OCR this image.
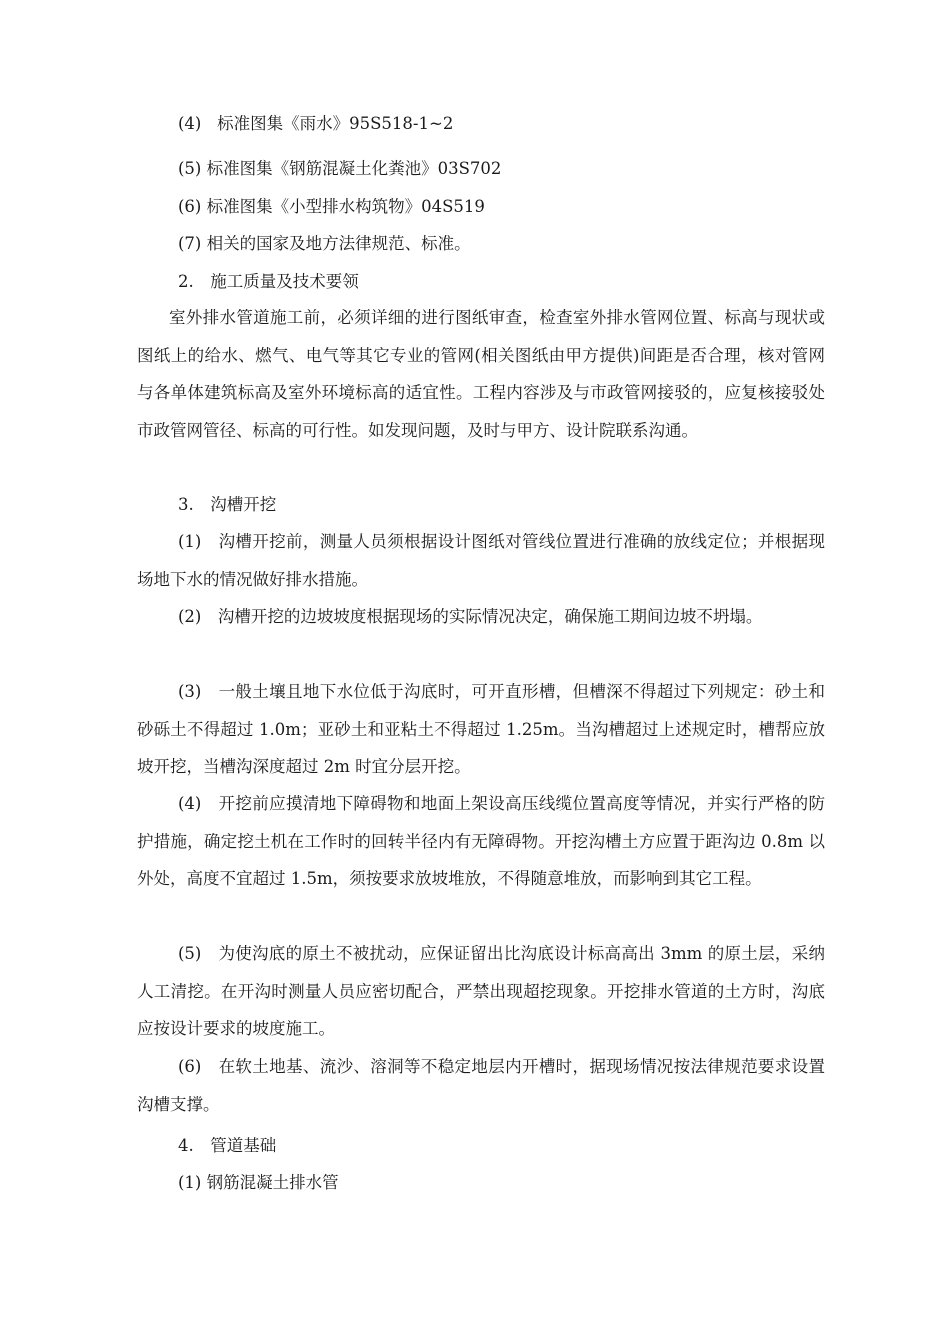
(4) 标准图集《雨水》95S518-1~2
(5) 标准图集《钢筋混凝土化粪池》03S702
(6) 标准图集《小型排水构筑物》04S519
(7) 相关的国家及地方法律规范、标准。
2.　施工质量及技术要领
室外排水管道施工前，必须详细的进行图纸审查，检查室外排水管网位置、标高与现状或图纸上的给水、燃气、电气等其它专业的管网(相关图纸由甲方提供)间距是否合理，核对管网与各单体建筑标高及室外环境标高的适宜性。工程内容涉及与市政管网接驳的，应复核接驳处市政管网管径、标高的可行性。如发现问题，及时与甲方、设计院联系沟通。
3.　沟槽开挖
(1)　沟槽开挖前，测量人员须根据设计图纸对管线位置进行准确的放线定位；并根据现场地下水的情况做好排水措施。
(2)　沟槽开挖的边坡坡度根据现场的实际情况决定，确保施工期间边坡不坍塌。
(3)　一般土壤且地下水位低于沟底时，可开直形槽，但槽深不得超过下列规定：砂土和砂砾土不得超过 1.0m；亚砂土和亚粘土不得超过 1.25m。当沟槽超过上述规定时，槽帮应放坡开挖，当槽沟深度超过 2m 时宜分层开挖。
(4)　开挖前应摸清地下障碍物和地面上架设高压线缆位置高度等情况，并实行严格的防护措施，确定挖土机在工作时的回转半径内有无障碍物。开挖沟槽土方应置于距沟边 0.8m 以外处，高度不宜超过 1.5m，须按要求放坡堆放，不得随意堆放，而影响到其它工程。
(5)　为使沟底的原土不被扰动，应保证留出比沟底设计标高高出 3mm 的原土层，采纳人工清挖。在开沟时测量人员应密切配合，严禁出现超挖现象。开挖排水管道的土方时，沟底应按设计要求的坡度施工。
(6)　在软土地基、流沙、溶洞等不稳定地层内开槽时，据现场情况按法律规范要求设置沟槽支撑。
4.　管道基础
(1) 钢筋混凝土排水管
